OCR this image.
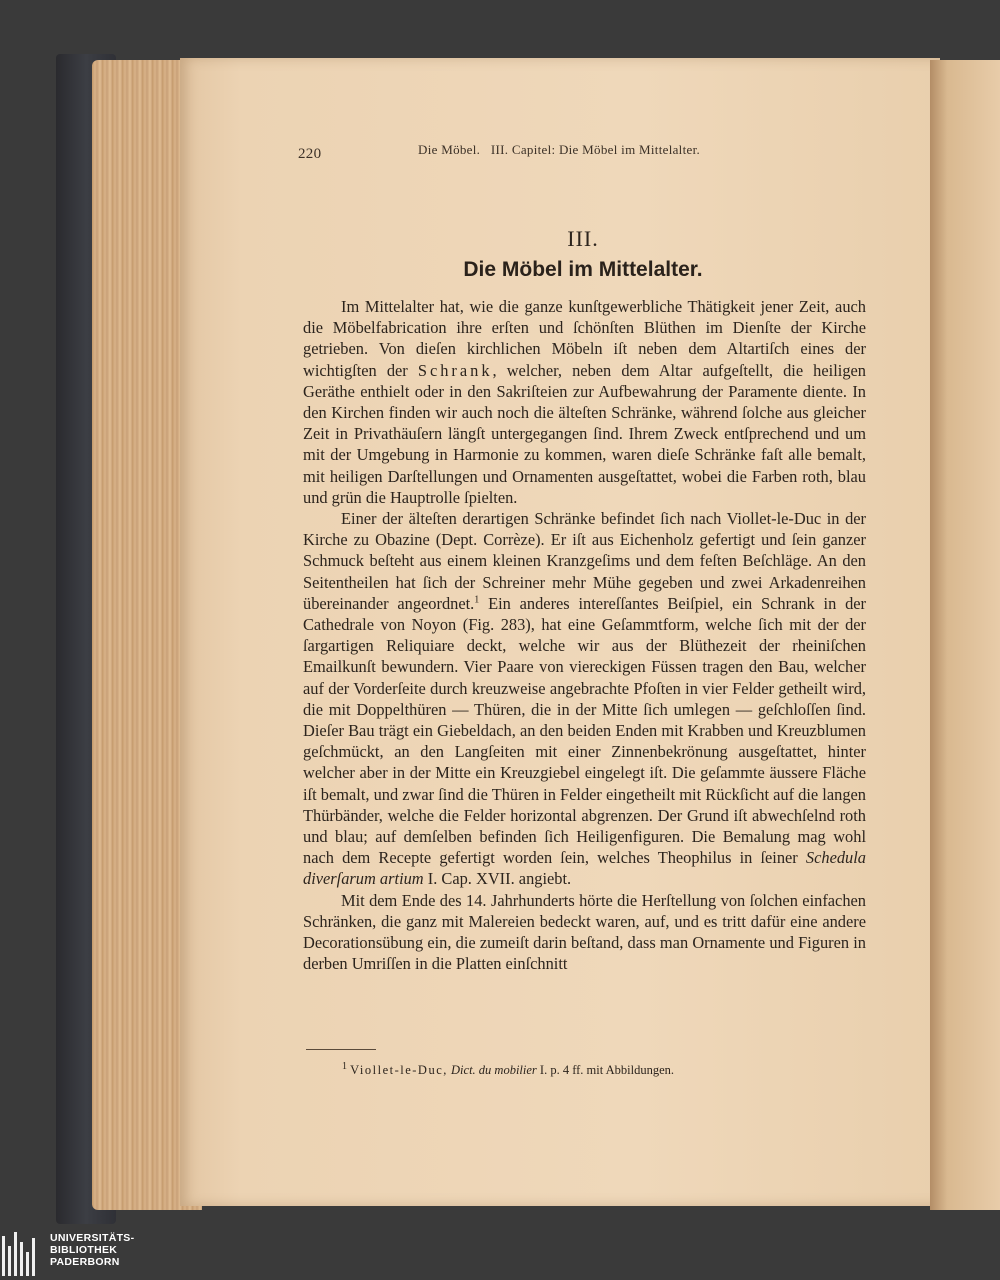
220	Die Möbel.   III. Capitel: Die Möbel im Mittelalter.
III.
Die Möbel im Mittelalter.

Im Mittelalter hat, wie die ganze kunſtgewerbliche Thätigkeit jener Zeit, auch die Möbelfabrication ihre erſten und ſchönſten Blüthen im Dienſte der Kirche getrieben. Von dieſen kirchlichen Möbeln iſt neben dem Altartiſch eines der wichtigſten der Schrank, welcher, neben dem Altar aufgeſtellt, die heiligen Geräthe enthielt oder in den Sakriſteien zur Aufbewahrung der Paramente diente. In den Kirchen finden wir auch noch die älteſten Schränke, während ſolche aus gleicher Zeit in Privathäuſern längſt untergegangen ſind. Ihrem Zweck entſprechend und um mit der Umgebung in Harmonie zu kommen, waren dieſe Schränke faſt alle bemalt, mit heiligen Darſtellungen und Ornamenten ausgeſtattet, wobei die Farben roth, blau und grün die Hauptrolle ſpielten.

Einer der älteſten derartigen Schränke befindet ſich nach Viollet-le-Duc in der Kirche zu Obazine (Dept. Corrèze). Er iſt aus Eichenholz gefertigt und ſein ganzer Schmuck beſteht aus einem kleinen Kranzgeſims und dem feſten Beſchläge. An den Seitentheilen hat ſich der Schreiner mehr Mühe gegeben und zwei Arkadenreihen übereinander angeordnet.$^1$ Ein anderes intereſſantes Beiſpiel, ein Schrank in der Cathedrale von Noyon (Fig. 283), hat eine Geſammtform, welche ſich mit der der ſargartigen Reliquiare deckt, welche wir aus der Blüthezeit der rheiniſchen Emailkunſt bewundern. Vier Paare von viereckigen Füssen tragen den Bau, welcher auf der Vorderſeite durch kreuzweise angebrachte Pfoſten in vier Felder getheilt wird, die mit Doppelthüren — Thüren, die in der Mitte ſich umlegen — geſchloſſen ſind. Dieſer Bau trägt ein Giebeldach, an den beiden Enden mit Krabben und Kreuzblumen geſchmückt, an den Langſeiten mit einer Zinnenbekrönung ausgeſtattet, hinter welcher aber in der Mitte ein Kreuzgiebel eingelegt iſt. Die geſammte äussere Fläche iſt bemalt, und zwar ſind die Thüren in Felder eingetheilt mit Rückſicht auf die langen Thürbänder, welche die Felder horizontal abgrenzen. Der Grund iſt abwechſelnd roth und blau; auf demſelben befinden ſich Heiligenfiguren. Die Bemalung mag wohl nach dem Recepte gefertigt worden ſein, welches Theophilus in ſeiner Schedula diverſarum artium I. Cap. XVII. angiebt.

Mit dem Ende des 14. Jahrhunderts hörte die Herſtellung von ſolchen einfachen Schränken, die ganz mit Malereien bedeckt waren, auf, und es tritt dafür eine andere Decorationsübung ein, die zumeiſt darin beſtand, dass man Ornamente und Figuren in derben Umriſſen in die Platten einſchnitt

$^1$ Viollet-le-Duc, Dict. du mobilier I. p. 4 ff. mit Abbildungen.
UNIVERSITÄTS-
BIBLIOTHEK
PADERBORN
